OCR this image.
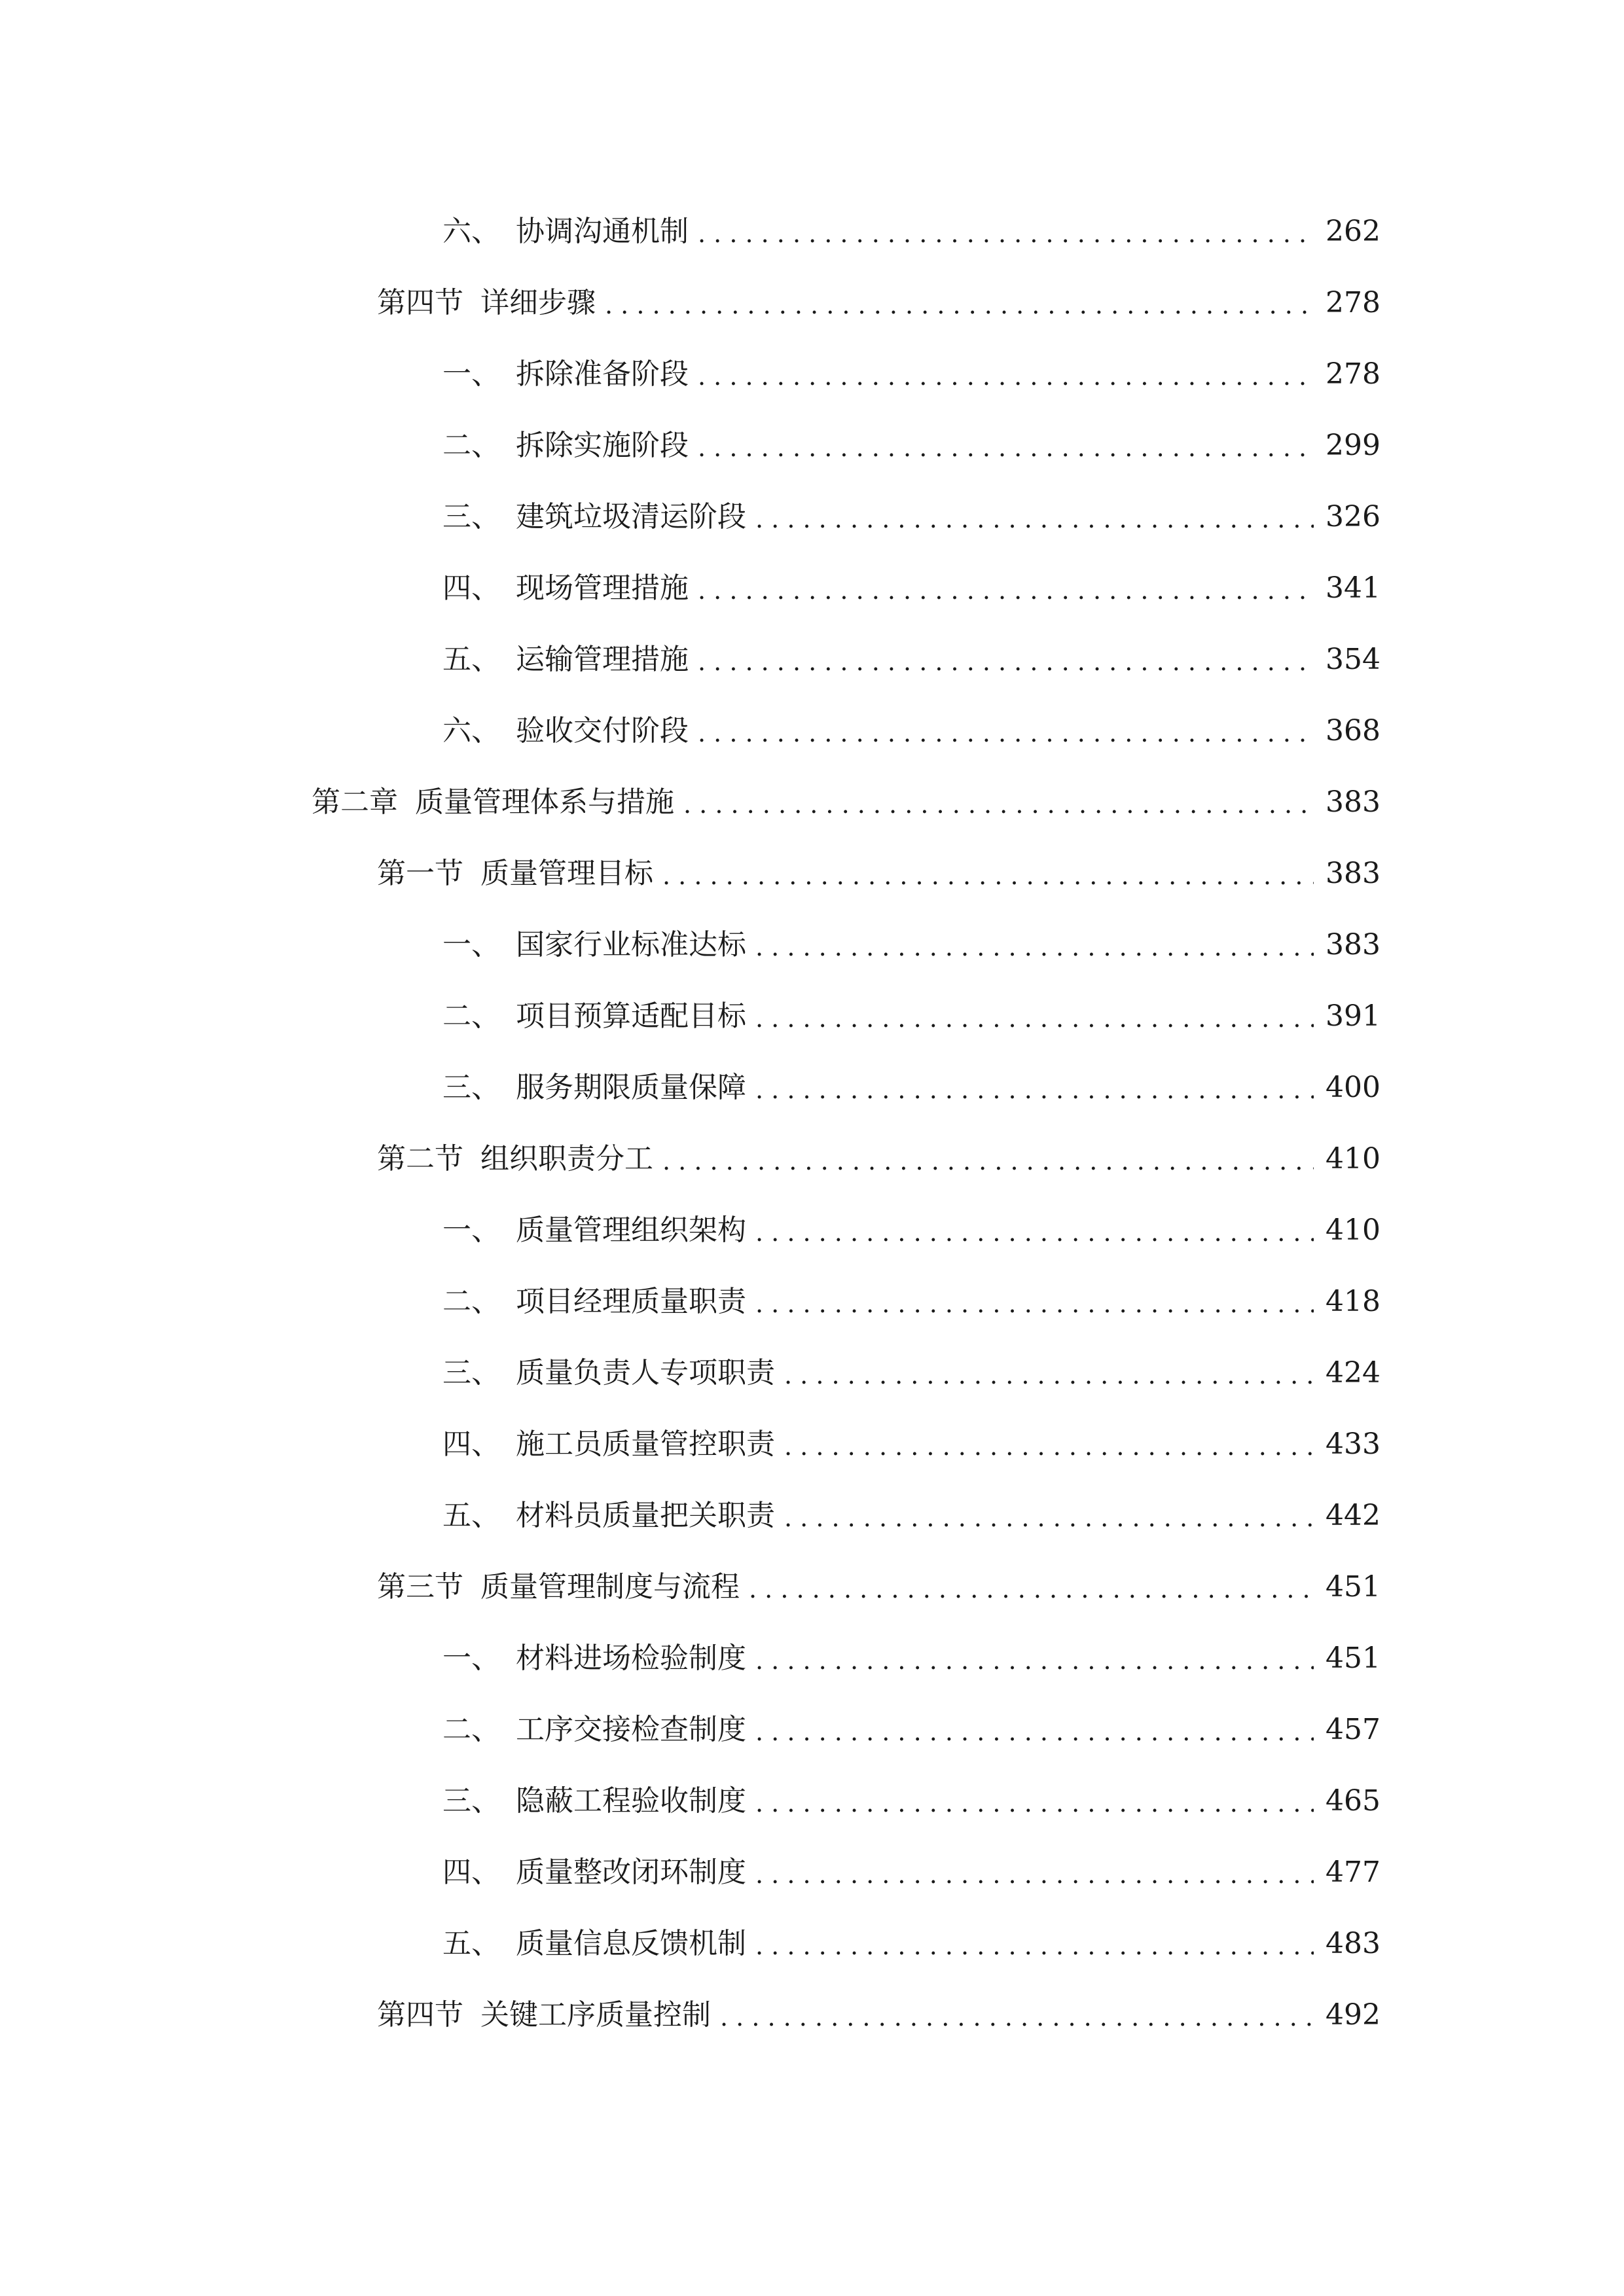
六、 协调沟通机制 . . .	262
第四节 详细步骤 . . .	278
一、 拆除准备阶段 . . .	278
二、 拆除实施阶段 . . .	299
三、 建筑垃圾清运阶段 . . .	326
四、 现场管理措施 . . .	341
五、 运输管理措施 . . .	354
六、 验收交付阶段 . . .	368
第二章 质量管理体系与措施 . . .	383
第一节 质量管理目标 . . .	383
一、 国家行业标准达标 . . .	383
二、 项目预算适配目标 . . .	391
三、 服务期限质量保障 . . .	400
第二节 组织职责分工 . . .	410
一、 质量管理组织架构 . . .	410
二、 项目经理质量职责 . . .	418
三、 质量负责人专项职责 . . .	424
四、 施工员质量管控职责 . . .	433
五、 材料员质量把关职责 . . .	442
第三节 质量管理制度与流程 . . .	451
一、 材料进场检验制度 . . .	451
二、 工序交接检查制度 . . .	457
三、 隐蔽工程验收制度 . . .	465
四、 质量整改闭环制度 . . .	477
五、 质量信息反馈机制 . . .	483
第四节 关键工序质量控制 . . .	492
